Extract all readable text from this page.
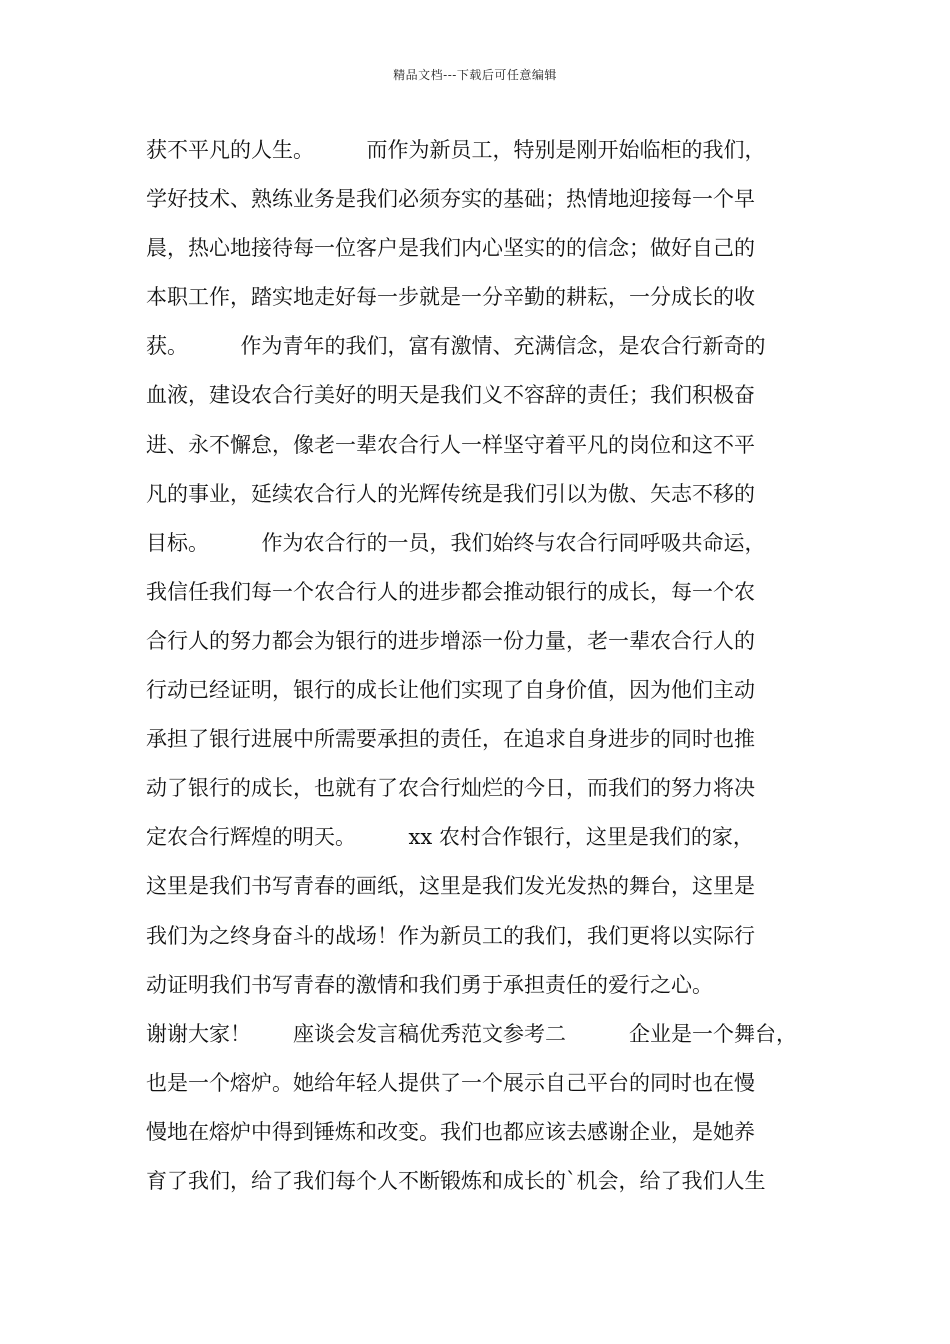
精品文档---下载后可任意编辑
获不平凡的人生。　　　而作为新员工，特别是刚开始临柜的我们，
学好技术、熟练业务是我们必须夯实的基础；热情地迎接每一个早
晨，热心地接待每一位客户是我们内心坚实的的信念；做好自己的
本职工作，踏实地走好每一步就是一分辛勤的耕耘，一分成长的收
获。　　　作为青年的我们，富有激情、充满信念，是农合行新奇的
血液，建设农合行美好的明天是我们义不容辞的责任；我们积极奋
进、永不懈怠，像老一辈农合行人一样坚守着平凡的岗位和这不平
凡的事业，延续农合行人的光辉传统是我们引以为傲、矢志不移的
目标。　　　作为农合行的一员，我们始终与农合行同呼吸共命运，
我信任我们每一个农合行人的进步都会推动银行的成长，每一个农
合行人的努力都会为银行的进步增添一份力量，老一辈农合行人的
行动已经证明，银行的成长让他们实现了自身价值，因为他们主动
承担了银行进展中所需要承担的责任，在追求自身进步的同时也推
动了银行的成长，也就有了农合行灿烂的今日，而我们的努力将决
定农合行辉煌的明天。　　　xx 农村合作银行，这里是我们的家，
这里是我们书写青春的画纸，这里是我们发光发热的舞台，这里是
我们为之终身奋斗的战场！作为新员工的我们，我们更将以实际行
动证明我们书写青春的激情和我们勇于承担责任的爱行之心。
谢谢大家！　　座谈会发言稿优秀范文参考二　　　企业是一个舞台，
也是一个熔炉。她给年轻人提供了一个展示自己平台的同时也在慢
慢地在熔炉中得到锤炼和改变。我们也都应该去感谢企业，是她养
育了我们，给了我们每个人不断锻炼和成长的`机会，给了我们人生
